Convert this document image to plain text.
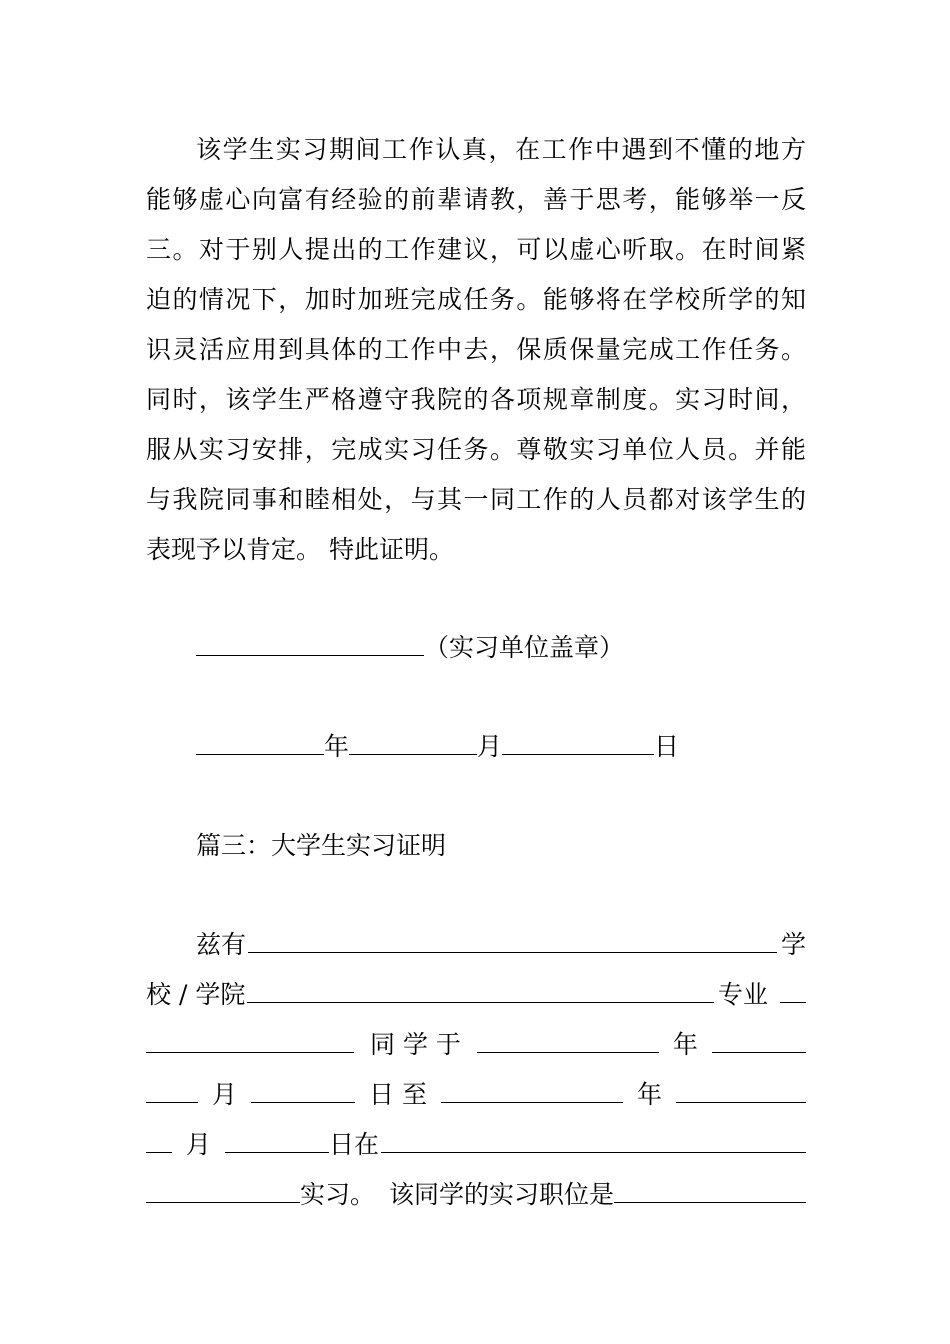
该学生实习期间工作认真，在工作中遇到不懂的地方
能够虚心向富有经验的前辈请教，善于思考，能够举一反
三。对于别人提出的工作建议，可以虚心听取。在时间紧
迫的情况下，加时加班完成任务。能够将在学校所学的知
识灵活应用到具体的工作中去，保质保量完成工作任务。
同时，该学生严格遵守我院的各项规章制度。实习时间，
服从实习安排，完成实习任务。尊敬实习单位人员。并能
与我院同事和睦相处，与其一同工作的人员都对该学生的
表现予以肯定。 特此证明。
（实习单位盖章）
年	月	日
篇三：大学生实习证明
兹有	学
校 / 学院	专业
同 学 于	年
月	日 至	年
月	日在
实习。 该同学的实习职位是
